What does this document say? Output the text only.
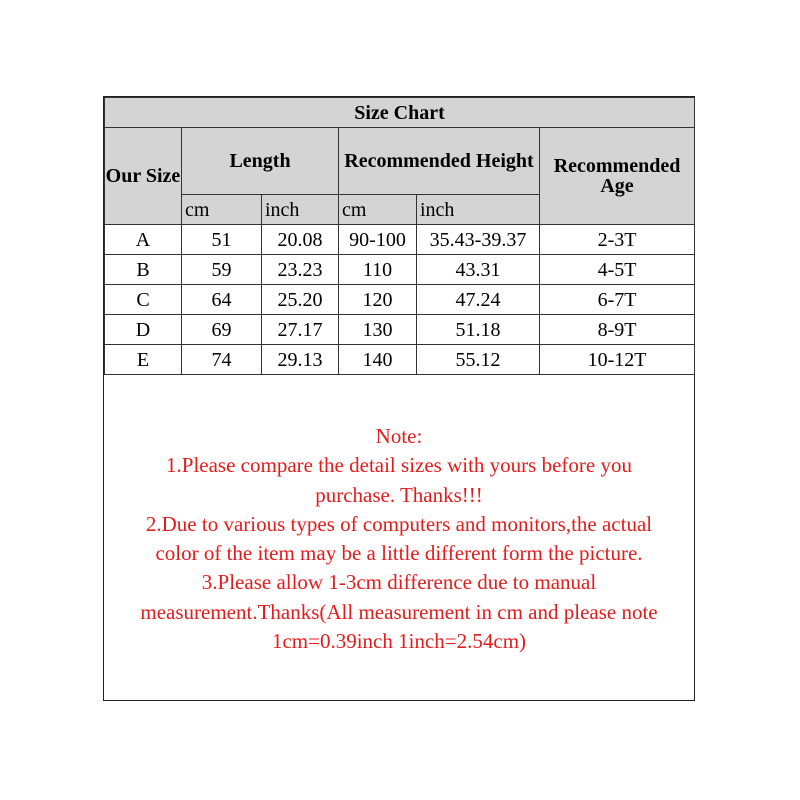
Size Chart					
Our Size	Length		Recommended Height		Recommended Age
	cm	inch	cm	inch	
A	51	20.08	90-100	35.43-39.37	2-3T
B	59	23.23	110	43.31	4-5T
C	64	25.20	120	47.24	6-7T
D	69	27.17	130	51.18	8-9T
E	74	29.13	140	55.12	10-12T
Note:
1.Please compare the detail sizes with yours before you
purchase. Thanks!!!
2.Due to various types of computers and monitors,the actual
color of the item may be a little different form the picture.
3.Please allow 1-3cm difference due to manual
measurement.Thanks(All measurement in cm and please note
1cm=0.39inch 1inch=2.54cm)
